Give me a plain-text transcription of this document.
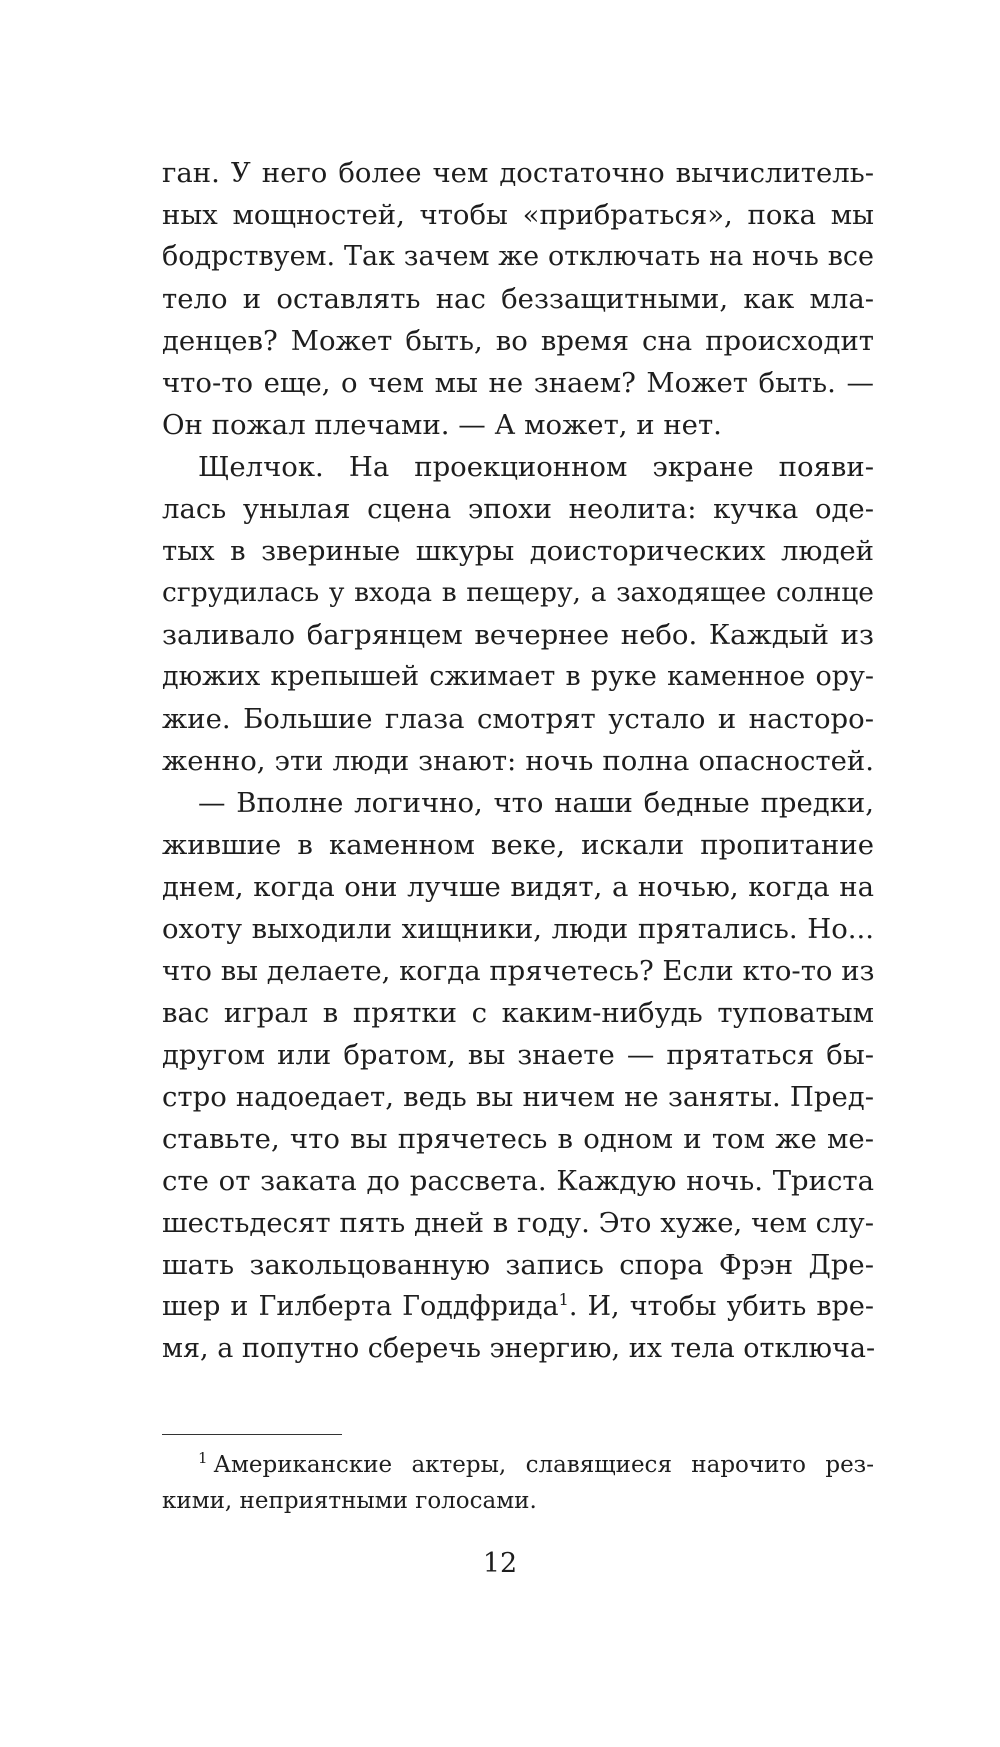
ган. У него более чем достаточно вычислитель-
ных мощностей, чтобы «прибраться», пока мы
бодрствуем. Так зачем же отключать на ночь все
тело и оставлять нас беззащитными, как мла-
денцев? Может быть, во время сна происходит
что-то еще, о чем мы не знаем? Может быть. —
Он пожал плечами. — А может, и нет.
Щелчок. На проекционном экране появи-
лась унылая сцена эпохи неолита: кучка оде-
тых в звериные шкуры доисторических людей
сгрудилась у входа в пещеру, а заходящее солнце
заливало багрянцем вечернее небо. Каждый из
дюжих крепышей сжимает в руке каменное ору-
жие. Большие глаза смотрят устало и насторо-
женно, эти люди знают: ночь полна опасностей.
— Вполне логично, что наши бедные предки,
жившие в каменном веке, искали пропитание
днем, когда они лучше видят, а ночью, когда на
охоту выходили хищники, люди прятались. Но...
что вы делаете, когда прячетесь? Если кто-то из
вас играл в прятки с каким-нибудь туповатым
другом или братом, вы знаете — прятаться бы-
стро надоедает, ведь вы ничем не заняты. Пред-
ставьте, что вы прячетесь в одном и том же ме-
сте от заката до рассвета. Каждую ночь. Триста
шестьдесят пять дней в году. Это хуже, чем слу-
шать закольцованную запись спора Фрэн Дре-
шер и Гилберта Годдфрида$^1$. И, чтобы убить вре-
мя, а попутно сберечь энергию, их тела отключа-
$^1$ Американские актеры, славящиеся нарочито рез-
кими, неприятными голосами.
12
